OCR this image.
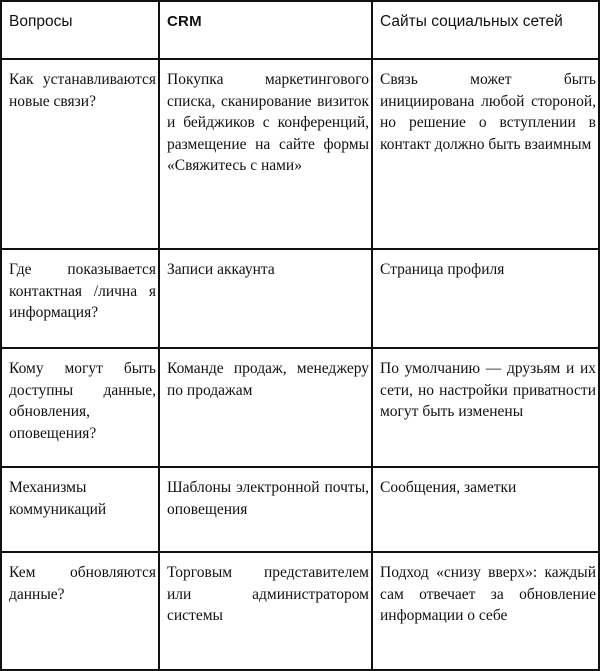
Вопросы	CRM	Сайты социальных сетей
Как устанавливаются новые связи?	Покупка маркетингового списка, сканирование визиток и бейджиков с конференций, размещение на сайте формы «Свяжитесь с нами»	Связь может быть инициирована любой стороной, но решение о вступлении в контакт должно быть взаимным
Где показывается контактная /лична я информация?	Записи аккаунта	Страница профиля
Кому могут быть доступны данные, обновления, оповещения?	Команде продаж, менеджеру по продажам	По умолчанию — друзьям и их сети, но настройки приватности могут быть изменены
Механизмы коммуникаций	Шаблоны электронной почты, оповещения	Сообщения, заметки
Кем обновляются данные?	Торговым представителем или администратором системы	Подход «снизу вверх»: каждый сам отвечает за обновление информации о себе
